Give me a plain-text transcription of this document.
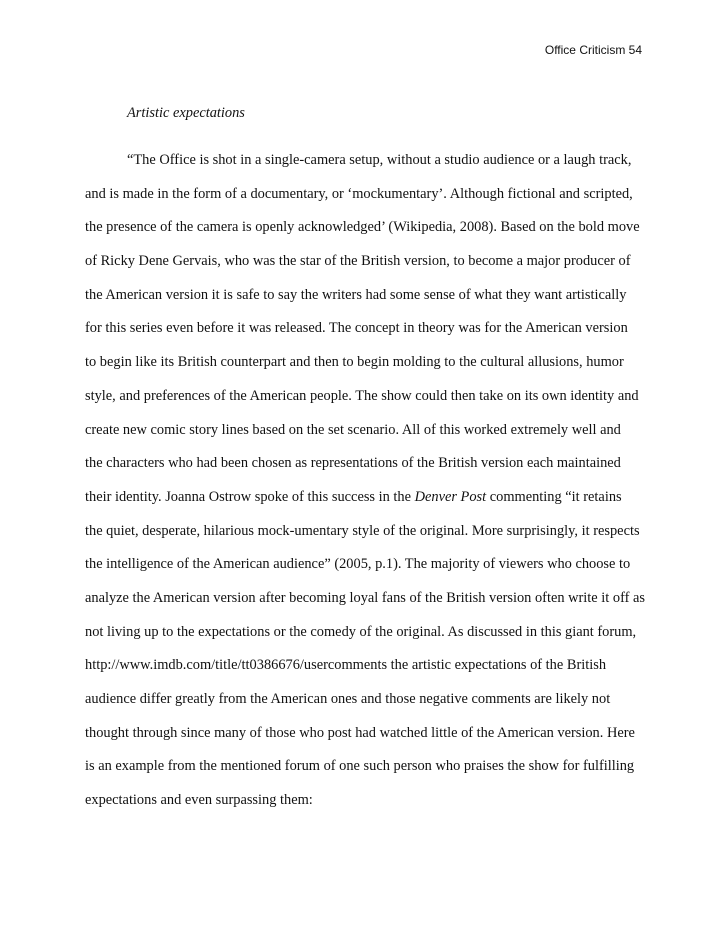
Office Criticism 54
Artistic expectations
“The Office is shot in a single-camera setup, without a studio audience or a laugh track,
and is made in the form of a documentary, or ‘mockumentary’. Although fictional and scripted,
the presence of the camera is openly acknowledged’ (Wikipedia, 2008). Based on the bold move
of Ricky Dene Gervais, who was the star of the British version, to become a major producer of
the American version it is safe to say the writers had some sense of what they want artistically
for this series even before it was released. The concept in theory was for the American version
to begin like its British counterpart and then to begin molding to the cultural allusions, humor
style, and preferences of the American people. The show could then take on its own identity and
create new comic story lines based on the set scenario. All of this worked extremely well and
the characters who had been chosen as representations of the British version each maintained
their identity. Joanna Ostrow spoke of this success in the Denver Post commenting “it retains
the quiet, desperate, hilarious mock-umentary style of the original. More surprisingly, it respects
the intelligence of the American audience” (2005, p.1). The majority of viewers who choose to
analyze the American version after becoming loyal fans of the British version often write it off as
not living up to the expectations or the comedy of the original. As discussed in this giant forum,
http://www.imdb.com/title/tt0386676/usercomments the artistic expectations of the British
audience differ greatly from the American ones and those negative comments are likely not
thought through since many of those who post had watched little of the American version. Here
is an example from the mentioned forum of one such person who praises the show for fulfilling
expectations and even surpassing them:
